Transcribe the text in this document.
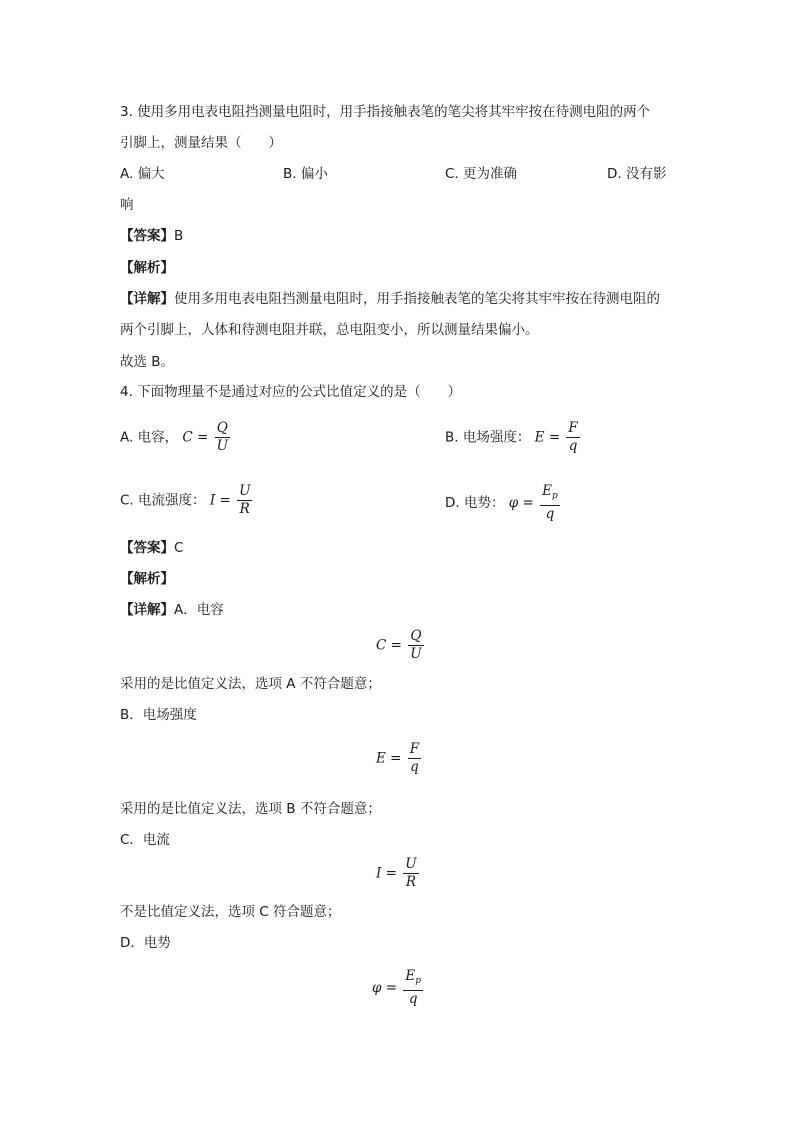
3. 使用多用电表电阻挡测量电阻时，用手指接触表笔的笔尖将其牢牢按在待测电阻的两个
引脚上，测量结果（　　）
A. 偏大	B. 偏小	C. 更为准确	D. 没有影
响
【答案】B
【解析】
【详解】使用多用电表电阻挡测量电阻时，用手指接触表笔的笔尖将其牢牢按在待测电阻的
两个引脚上，人体和待测电阻并联，总电阻变小，所以测量结果偏小。
故选 B。
4. 下面物理量不是通过对应的公式比值定义的是（　　）
A. 电容， $C = \frac{Q}{U}$	B. 电场强度： $E = \frac{F}{q}$
C. 电流强度： $I = \frac{U}{R}$	D. 电势： $\varphi = \frac{E_p}{q}$
【答案】C
【解析】
【详解】A．电容
$C = \frac{Q}{U}$
采用的是比值定义法，选项 A 不符合题意；
B．电场强度
$E = \frac{F}{q}$
采用的是比值定义法，选项 B 不符合题意；
C．电流
$I = \frac{U}{R}$
不是比值定义法，选项 C 符合题意；
D．电势
$\varphi = \frac{E_p}{q}$
